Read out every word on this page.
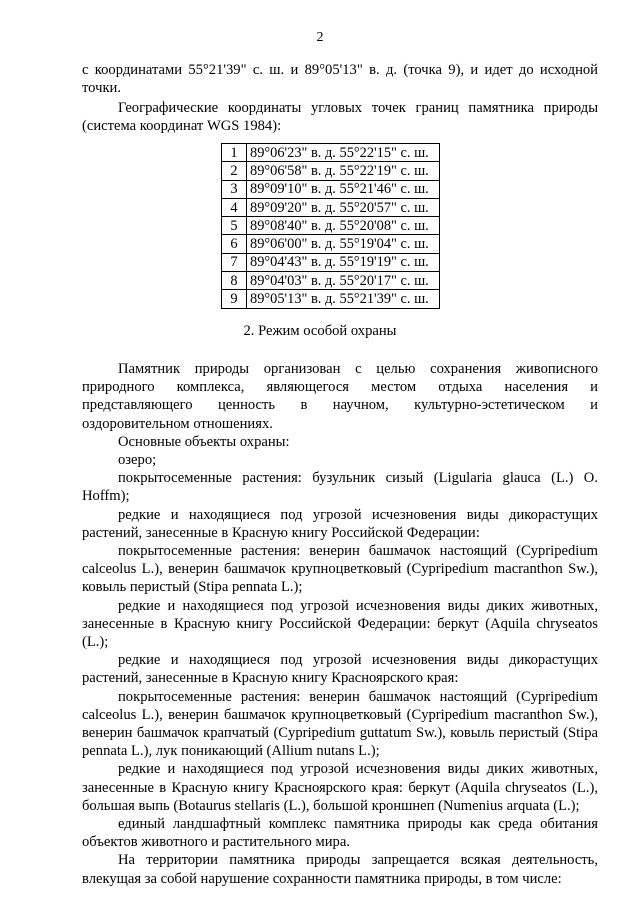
2

с координатами 55°21'39" с. ш. и 89°05'13" в. д. (точка 9), и идет до исходной точки.

Географические координаты угловых точек границ памятника природы (система координат WGS 1984):

1	89°06'23" в. д. 55°22'15" с. ш.
2	89°06'58" в. д. 55°22'19" с. ш.
3	89°09'10" в. д. 55°21'46" с. ш.
4	89°09'20" в. д. 55°20'57" с. ш.
5	89°08'40" в. д. 55°20'08" с. ш.
6	89°06'00" в. д. 55°19'04" с. ш.
7	89°04'43" в. д. 55°19'19" с. ш.
8	89°04'03" в. д. 55°20'17" с. ш.
9	89°05'13" в. д. 55°21'39" с. ш.
2. Режим особой охраны

Памятник природы организован с целью сохранения живописного природного комплекса, являющегося местом отдыха населения и представляющего ценность в научном, культурно-эстетическом и оздоровительном отношениях.

Основные объекты охраны:

озеро;

покрытосеменные растения: бузульник сизый (Ligularia glauca (L.) O. Hoffm);

редкие и находящиеся под угрозой исчезновения виды дикорастущих растений, занесенные в Красную книгу Российской Федерации:

покрытосеменные растения: венерин башмачок настоящий (Cypripedium calceolus L.), венерин башмачок крупноцветковый (Cypripedium macranthon Sw.), ковыль перистый (Stipa pennata L.);

редкие и находящиеся под угрозой исчезновения виды диких животных, занесенные в Красную книгу Российской Федерации: беркут (Aquila chryseatos (L.);

редкие и находящиеся под угрозой исчезновения виды дикорастущих растений, занесенные в Красную книгу Красноярского края:

покрытосеменные растения: венерин башмачок настоящий (Cypripedium calceolus L.), венерин башмачок крупноцветковый (Cypripedium macranthon Sw.), венерин башмачок крапчатый (Cypripedium guttatum Sw.), ковыль перистый (Stipa pennata L.), лук поникающий (Allium nutans L.);

редкие и находящиеся под угрозой исчезновения виды диких животных, занесенные в Красную книгу Красноярского края: беркут (Aquila chryseatos (L.), большая выпь (Botaurus stellaris (L.), большой кроншнеп (Numenius arquata (L.);

единый ландшафтный комплекс памятника природы как среда обитания объектов животного и растительного мира.

На территории памятника природы запрещается всякая деятельность, влекущая за собой нарушение сохранности памятника природы, в том числе:
